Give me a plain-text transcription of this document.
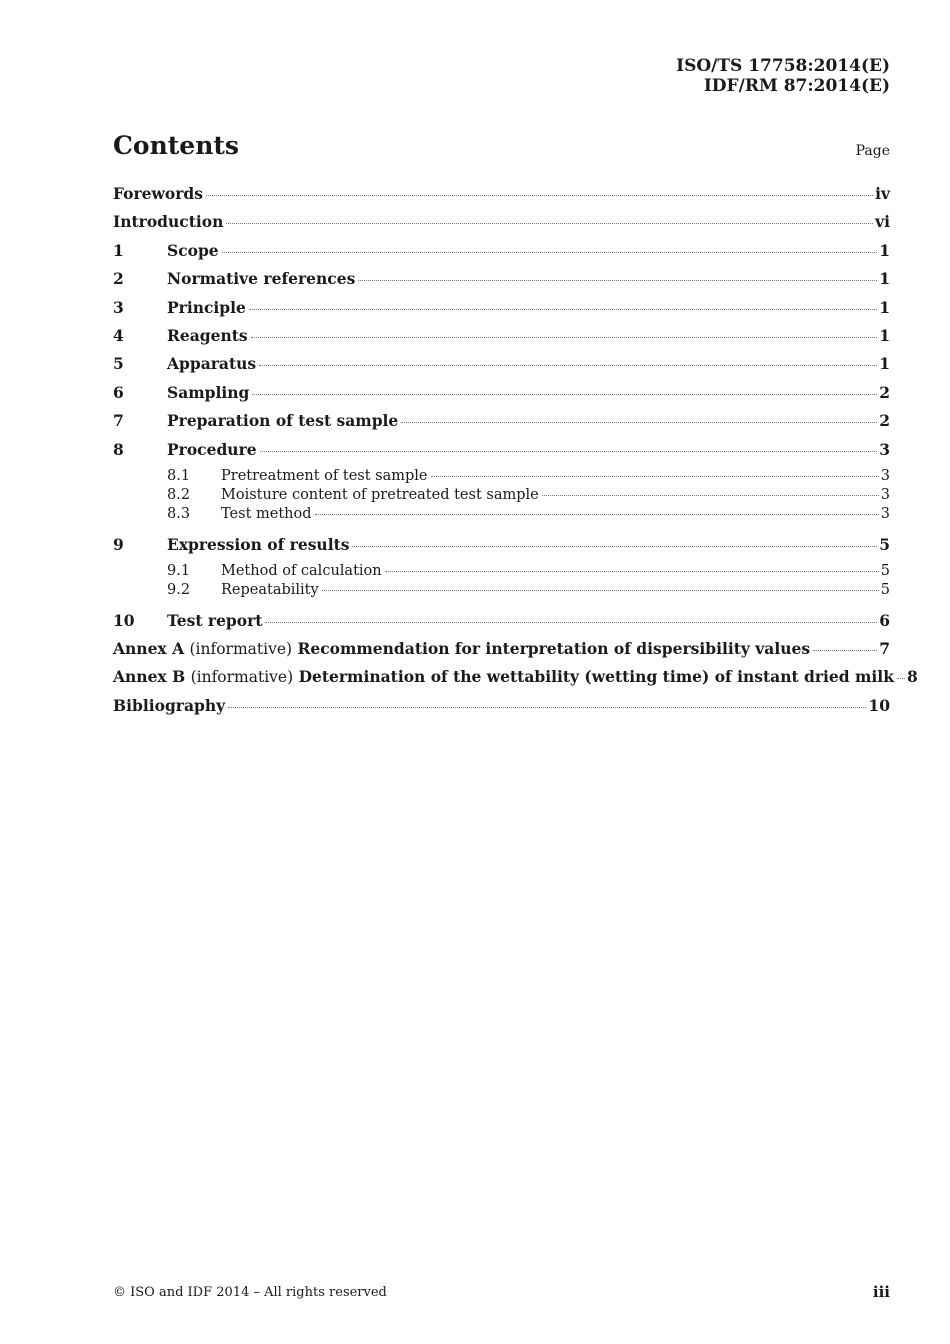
ISO/TS 17758:2014(E)
IDF/RM 87:2014(E)
Contents	Page
Forewords	iv
Introduction	vi
1	Scope	1
2	Normative references	1
3	Principle	1
4	Reagents	1
5	Apparatus	1
6	Sampling	2
7	Preparation of test sample	2
8	Procedure	3
8.1	Pretreatment of test sample	3
8.2	Moisture content of pretreated test sample	3
8.3	Test method	3
9	Expression of results	5
9.1	Method of calculation	5
9.2	Repeatability	5
10	Test report	6
Annex A (informative) Recommendation for interpretation of dispersibility values	7
Annex B (informative) Determination of the wettability (wetting time) of instant dried milk 8
Bibliography	10
© ISO and IDF 2014 – All rights reserved	iii
